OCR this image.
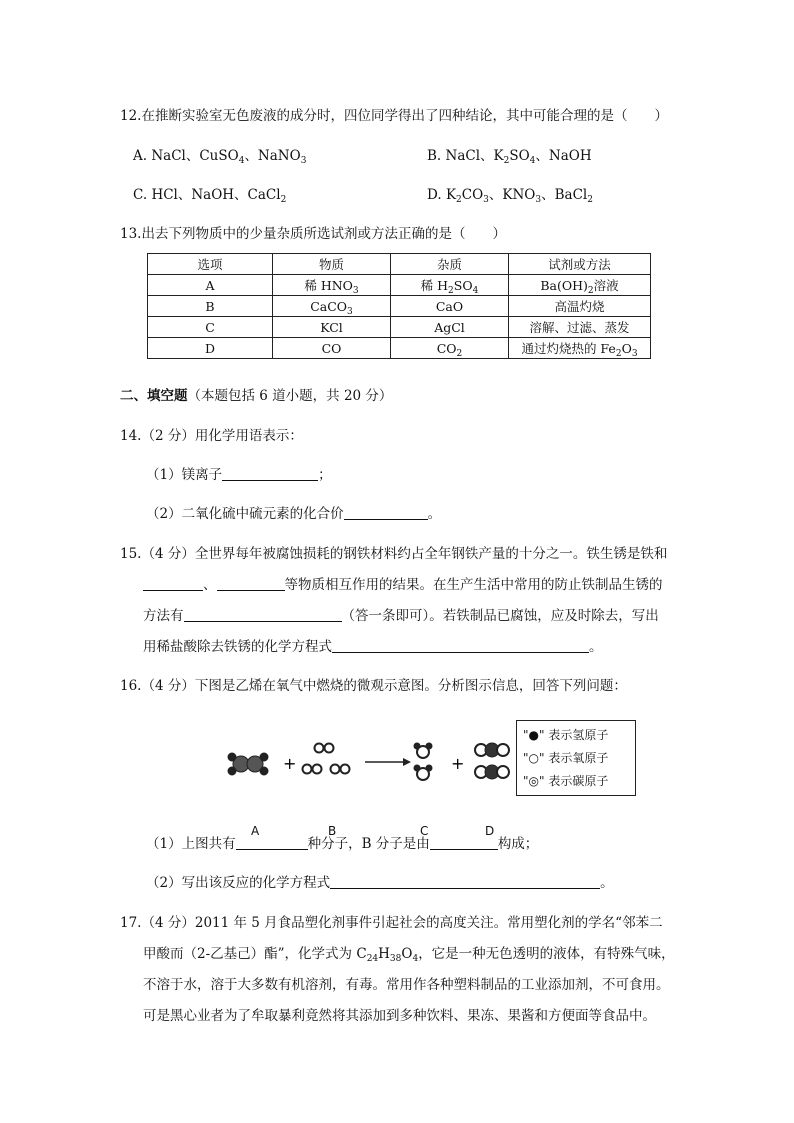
12.在推断实验室无色废液的成分时，四位同学得出了四种结论，其中可能合理的是（　　）
A. NaCl、CuSO$_4$、NaNO$_3$	B. NaCl、$K_2SO_4$、NaOH
C. HCl、NaOH、CaCl$_2$	D. $K_2CO_3$、$KNO_3$、BaCl$_2$
13.出去下列物质中的少量杂质所选试剂或方法正确的是（　　）
选项	物质	杂质	试剂或方法
A	稀 $HNO_3$	稀 $H_2SO_4$	$Ba(OH)_2$溶液
B	CaCO$_3$	CaO	高温灼烧
C	KCl	AgCl	溶解、过滤、蒸发
D	CO	$CO_2$	通过灼烧热的 $Fe_2O_3$
二、填空题（本题包括 6 道小题，共 20 分）
14.（2 分）用化学用语表示：
（1）镁离子	；
（2）二氧化硫中硫元素的化合价	。
15.（4 分）全世界每年被腐蚀损耗的钢铁材料约占全年钢铁产量的十分之一。铁生锈是铁和
、	等物质相互作用的结果。在生产生活中常用的防止铁制品生锈的
方法有	（答一条即可）。若铁制品已腐蚀，应及时除去，写出
用稀盐酸除去铁锈的化学方程式	。
16.（4 分）下图是乙烯在氧气中燃烧的微观示意图。分析图示信息，回答下列问题：
+	+
A	B	C	D
"●" 表示氢原子
"○" 表示氧原子
"◎" 表示碳原子
（1）上图共有	种分子，B 分子是由	构成；
（2）写出该反应的化学方程式	。
17.（4 分）2011 年 5 月食品塑化剂事件引起社会的高度关注。常用塑化剂的学名“邻苯二
甲酸而（2-乙基己）酯”，化学式为 $C_{24}H_{38}O_4$，它是一种无色透明的液体，有特殊气味，
不溶于水，溶于大多数有机溶剂，有毒。常用作各种塑料制品的工业添加剂，不可食用。
可是黑心业者为了牟取暴利竟然将其添加到多种饮料、果冻、果酱和方便面等食品中。
